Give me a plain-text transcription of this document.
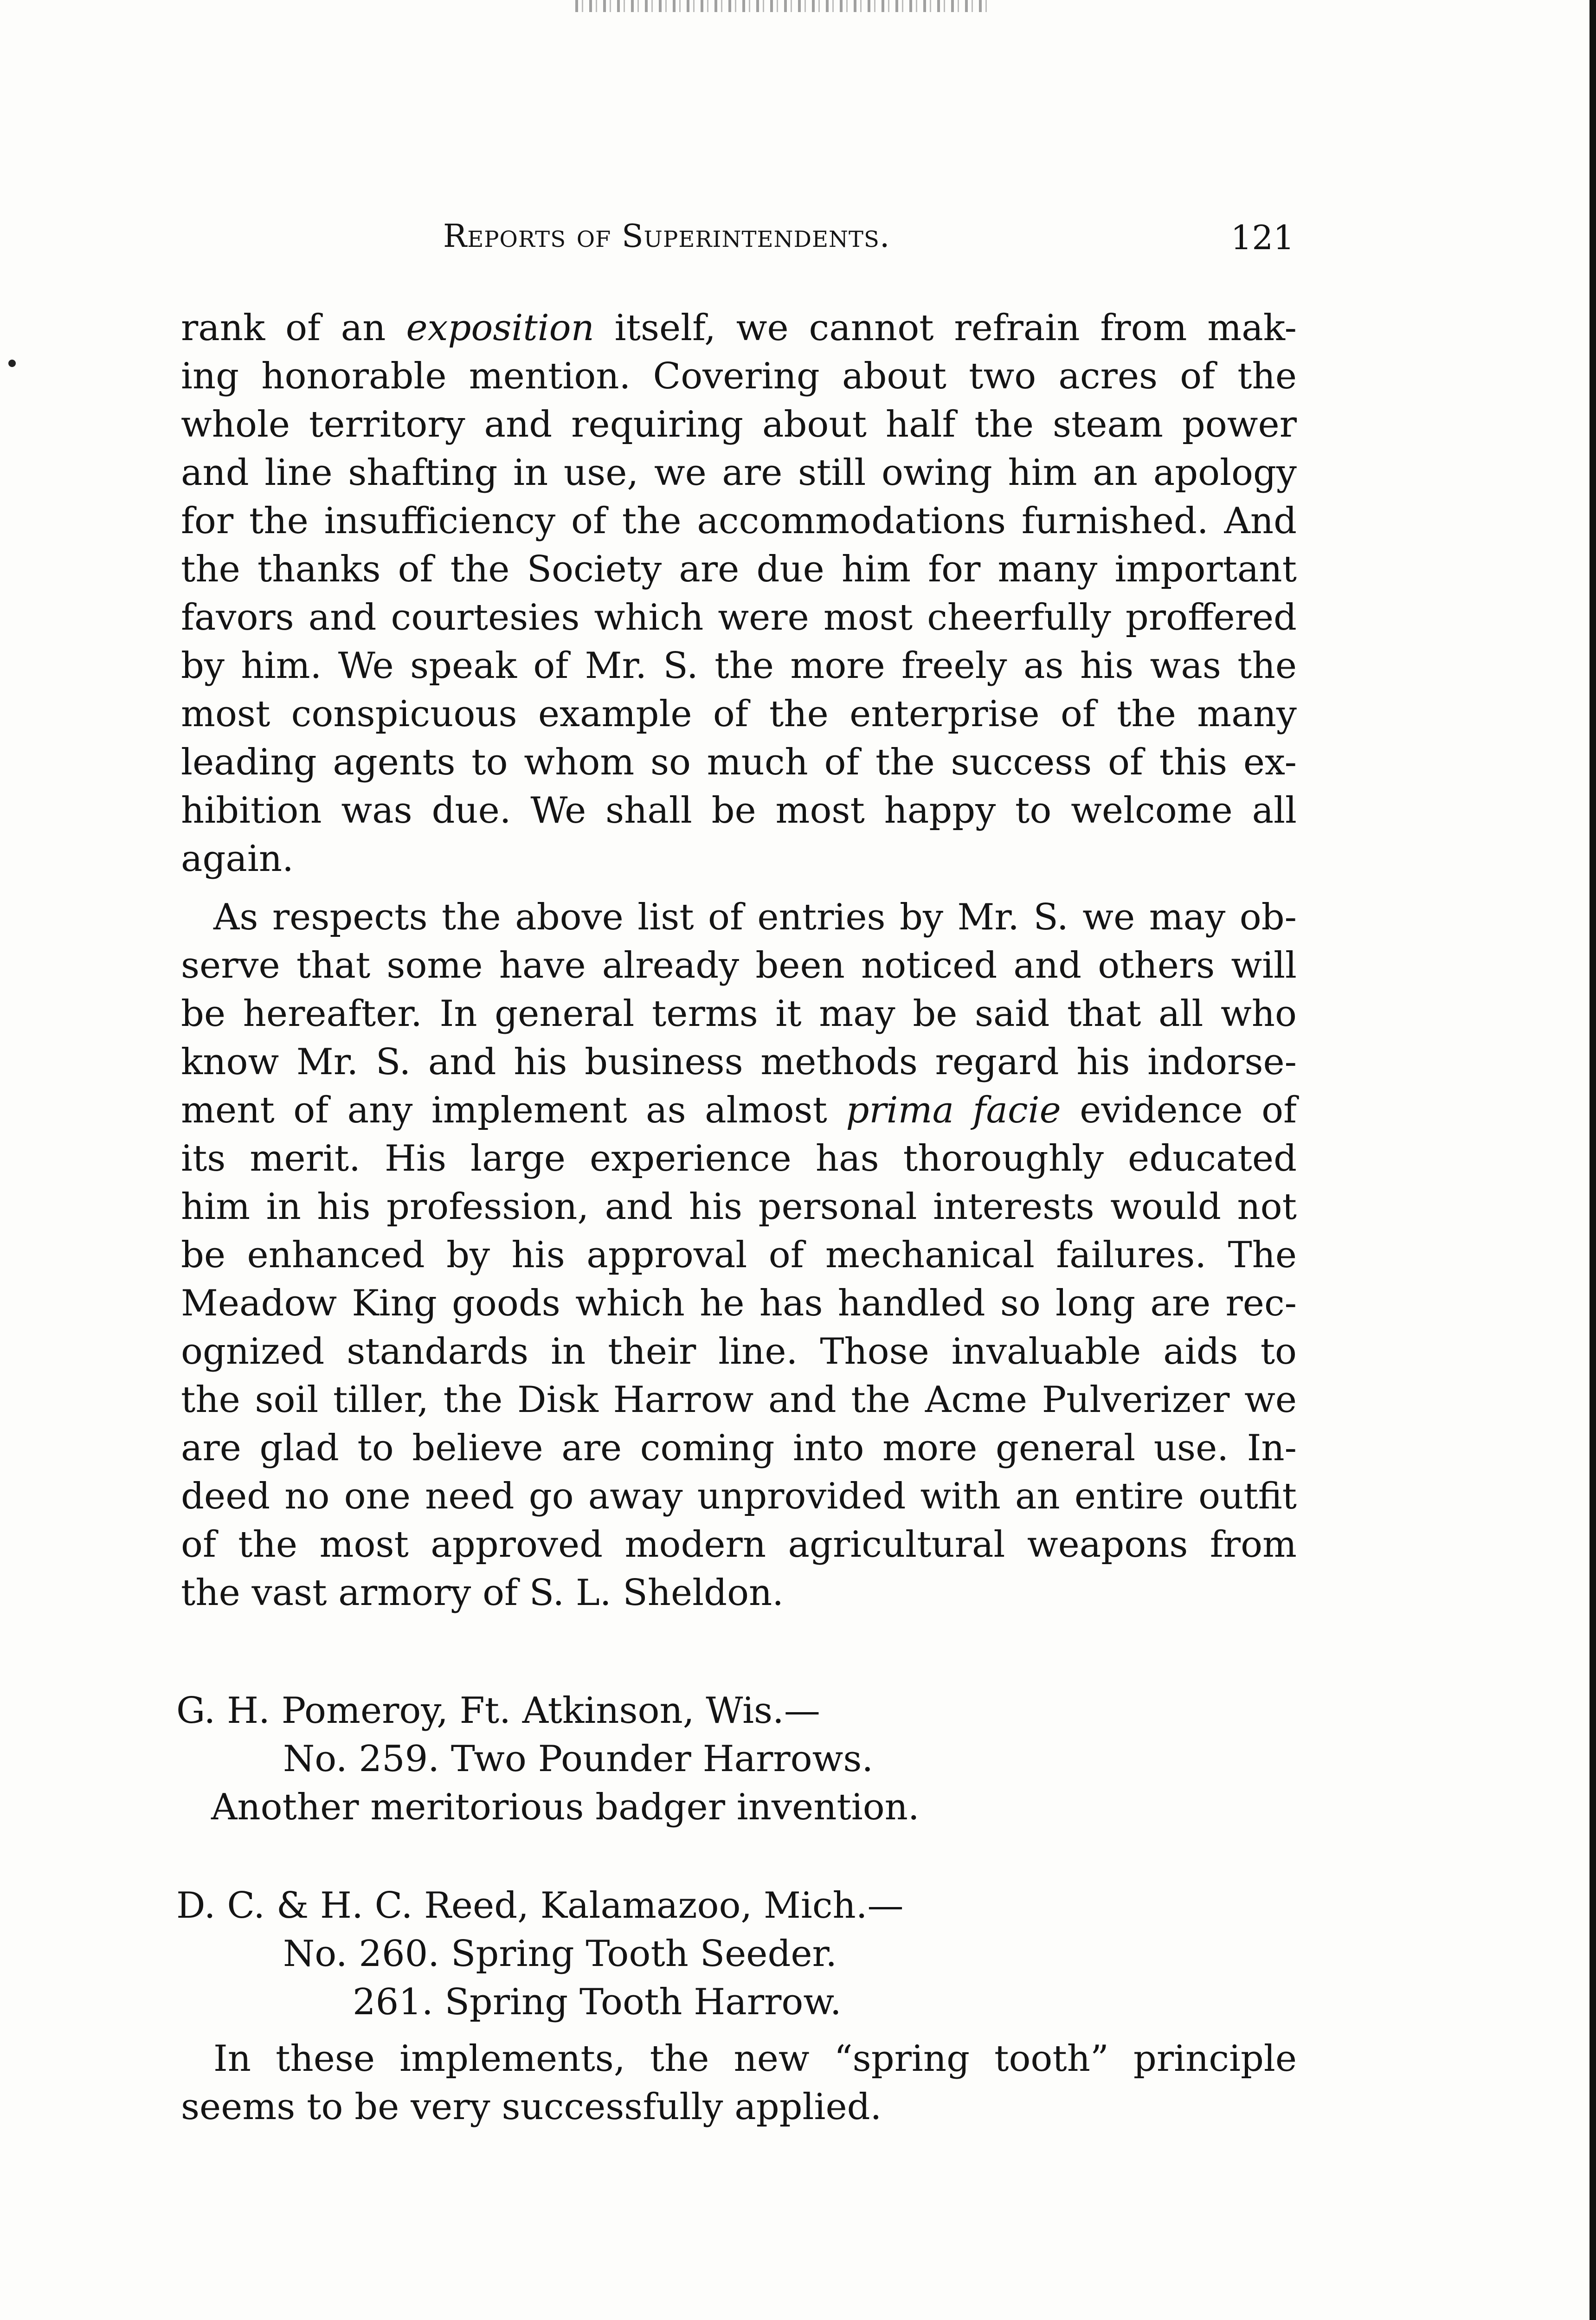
Reports of Superintendents.	121
rank of an exposition itself, we cannot refrain from mak-
ing honorable mention. Covering about two acres of the
whole territory and requiring about half the steam power
and line shafting in use, we are still owing him an apology
for the insufficiency of the accommodations furnished. And
the thanks of the Society are due him for many important
favors and courtesies which were most cheerfully proffered
by him. We speak of Mr. S. the more freely as his was the
most conspicuous example of the enterprise of the many
leading agents to whom so much of the success of this ex-
hibition was due. We shall be most happy to welcome all
again.
As respects the above list of entries by Mr. S. we may ob-
serve that some have already been noticed and others will
be hereafter. In general terms it may be said that all who
know Mr. S. and his business methods regard his indorse-
ment of any implement as almost prima facie evidence of
its merit. His large experience has thoroughly educated
him in his profession, and his personal interests would not
be enhanced by his approval of mechanical failures. The
Meadow King goods which he has handled so long are rec-
ognized standards in their line. Those invaluable aids to
the soil tiller, the Disk Harrow and the Acme Pulverizer we
are glad to believe are coming into more general use. In-
deed no one need go away unprovided with an entire outfit
of the most approved modern agricultural weapons from
the vast armory of S. L. Sheldon.
G. H. Pomeroy, Ft. Atkinson, Wis.—
No. 259. Two Pounder Harrows.
Another meritorious badger invention.
D. C. & H. C. Reed, Kalamazoo, Mich.—
No. 260. Spring Tooth Seeder.
261. Spring Tooth Harrow.
In these implements, the new “spring tooth” principle
seems to be very successfully applied.
